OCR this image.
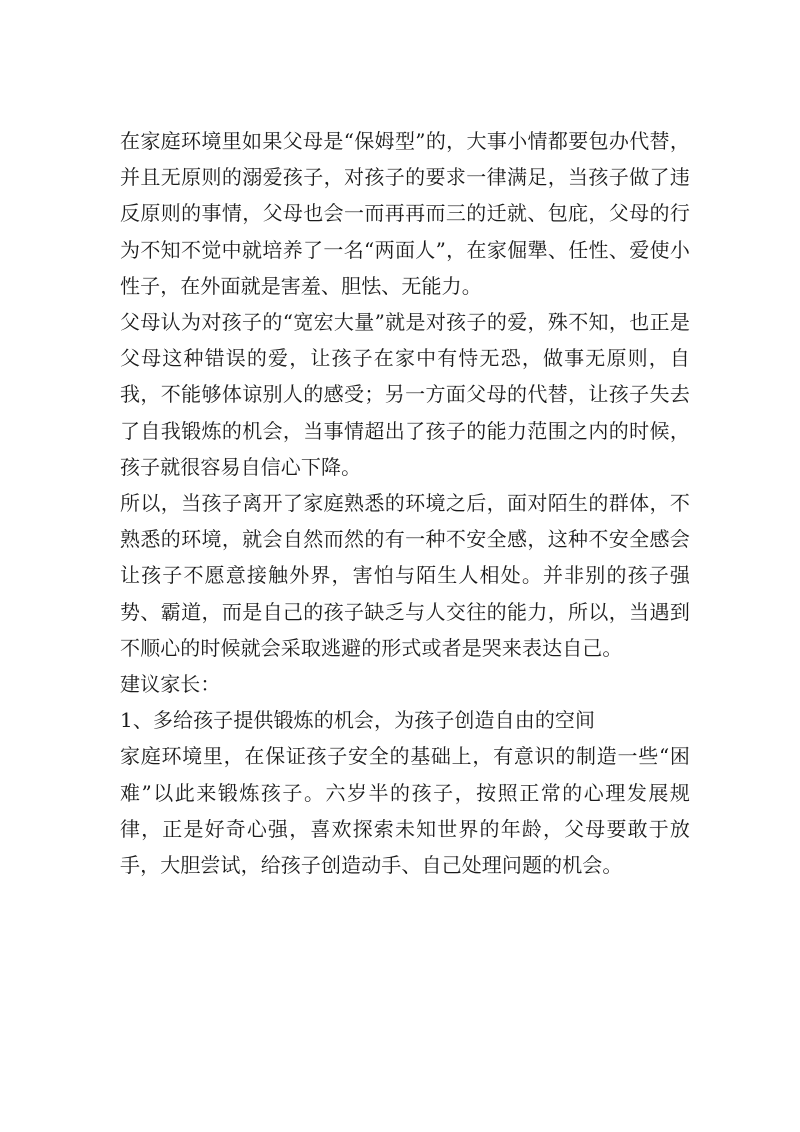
在家庭环境里如果父母是“保姆型”的，大事小情都要包办代替，并且无原则的溺爱孩子，对孩子的要求一律满足，当孩子做了违反原则的事情，父母也会一而再再而三的迁就、包庇，父母的行为不知不觉中就培养了一名“两面人”，在家倔犟、任性、爱使小性子，在外面就是害羞、胆怯、无能力。

父母认为对孩子的“宽宏大量”就是对孩子的爱，殊不知，也正是父母这种错误的爱，让孩子在家中有恃无恐，做事无原则，自我，不能够体谅别人的感受；另一方面父母的代替，让孩子失去了自我锻炼的机会，当事情超出了孩子的能力范围之内的时候，孩子就很容易自信心下降。

所以，当孩子离开了家庭熟悉的环境之后，面对陌生的群体，不熟悉的环境，就会自然而然的有一种不安全感，这种不安全感会让孩子不愿意接触外界，害怕与陌生人相处。并非别的孩子强势、霸道，而是自己的孩子缺乏与人交往的能力，所以，当遇到不顺心的时候就会采取逃避的形式或者是哭来表达自己。

建议家长：

1、多给孩子提供锻炼的机会，为孩子创造自由的空间

家庭环境里，在保证孩子安全的基础上，有意识的制造一些“困难”以此来锻炼孩子。六岁半的孩子，按照正常的心理发展规律，正是好奇心强，喜欢探索未知世界的年龄，父母要敢于放手，大胆尝试，给孩子创造动手、自己处理问题的机会。
